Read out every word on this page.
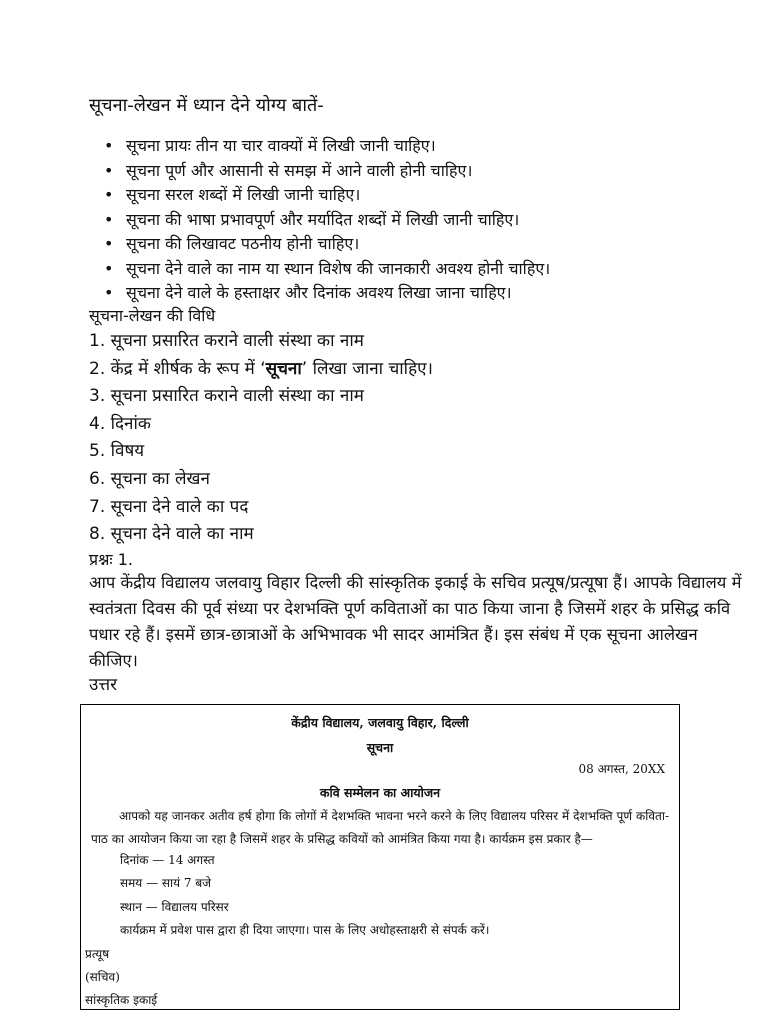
सूचना-लेखन में ध्यान देने योग्य बातें-
• सूचना प्रायः तीन या चार वाक्यों में लिखी जानी चाहिए।
• सूचना पूर्ण और आसानी से समझ में आने वाली होनी चाहिए।
• सूचना सरल शब्दों में लिखी जानी चाहिए।
• सूचना की भाषा प्रभावपूर्ण और मर्यादित शब्दों में लिखी जानी चाहिए।
• सूचना की लिखावट पठनीय होनी चाहिए।
• सूचना देने वाले का नाम या स्थान विशेष की जानकारी अवश्य होनी चाहिए।
• सूचना देने वाले के हस्ताक्षर और दिनांक अवश्य लिखा जाना चाहिए।
सूचना-लेखन की विधि
1. सूचना प्रसारित कराने वाली संस्था का नाम
2. केंद्र में शीर्षक के रूप में ‘सूचना’ लिखा जाना चाहिए।
3. सूचना प्रसारित कराने वाली संस्था का नाम
4. दिनांक
5. विषय
6. सूचना का लेखन
7. सूचना देने वाले का पद
8. सूचना देने वाले का नाम
प्रश्नः 1.

आप केंद्रीय विद्यालय जलवायु विहार दिल्ली की सांस्कृतिक इकाई के सचिव प्रत्यूष/प्रत्यूषा हैं। आपके विद्यालय में स्वतंत्रता दिवस की पूर्व संध्या पर देशभक्ति पूर्ण कविताओं का पाठ किया जाना है जिसमें शहर के प्रसिद्ध कवि पधार रहे हैं। इसमें छात्र-छात्राओं के अभिभावक भी सादर आमंत्रित हैं। इस संबंध में एक सूचना आलेखन कीजिए।

उत्तर
केंद्रीय विद्यालय, जलवायु विहार, दिल्ली
सूचना
08 अगस्त, 20XX
कवि सम्मेलन का आयोजन

आपको यह जानकर अतीव हर्ष होगा कि लोगों में देशभक्ति भावना भरने करने के लिए विद्यालय परिसर में देशभक्ति पूर्ण कविता-पाठ का आयोजन किया जा रहा है जिसमें शहर के प्रसिद्ध कवियों को आमंत्रित किया गया है। कार्यक्रम इस प्रकार है—

दिनांक — 14 अगस्त
समय — सायं 7 बजे
स्थान — विद्यालय परिसर
कार्यक्रम में प्रवेश पास द्वारा ही दिया जाएगा। पास के लिए अधोहस्ताक्षरी से संपर्क करें।
प्रत्यूष
(सचिव)
सांस्कृतिक इकाई
